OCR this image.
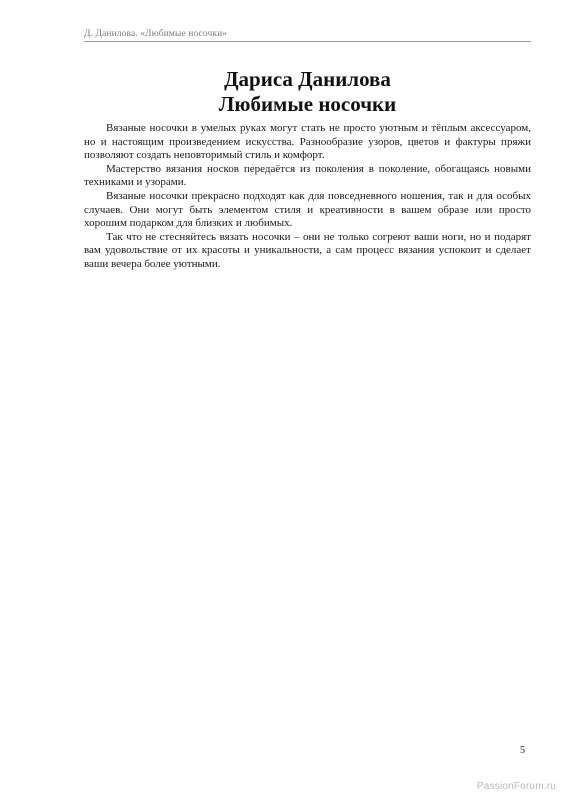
Д. Данилова. «Любимые носочки»
Дариса Данилова
Любимые носочки

Вязаные носочки в умелых руках могут стать не просто уютным и тёплым аксессуаром, но и настоящим произведением искусства. Разнообразие узоров, цветов и фактуры пряжи позволяют создать неповторимый стиль и комфорт.

Мастерство вязания носков передаётся из поколения в поколение, обогащаясь новыми техниками и узорами.

Вязаные носочки прекрасно подходят как для повседневного ношения, так и для особых случаев. Они могут быть элементом стиля и креативности в вашем образе или просто хорошим подарком для близких и любимых.

Так что не стесняйтесь вязать носочки – они не только согреют ваши ноги, но и подарят вам удовольствие от их красоты и уникальности, а сам процесс вязания успокоит и сделает ваши вечера более уютными.

5
PassionForum.ru
